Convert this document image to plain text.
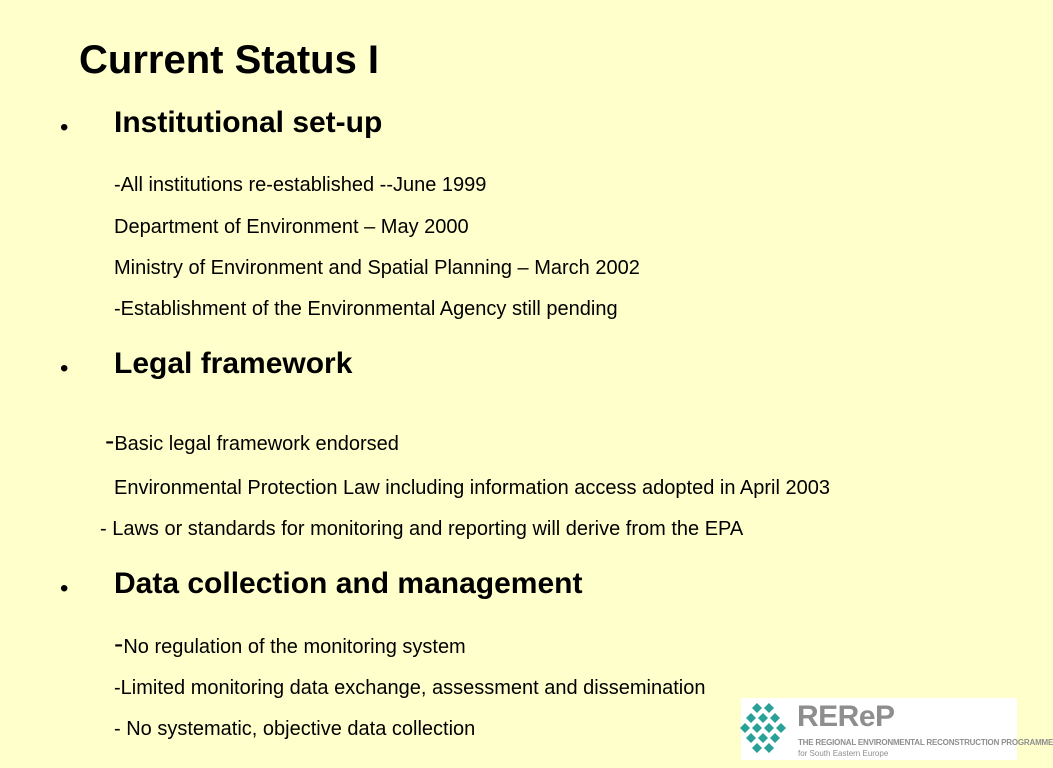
Current Status I
• Institutional set-up
-All institutions re-established --June 1999
Department of Environment – May 2000
Ministry of Environment and Spatial Planning – March 2002
-Establishment of the Environmental Agency still pending
• Legal framework
-Basic legal framework endorsed
Environmental Protection Law including information access adopted in April 2003
- Laws or standards for monitoring and reporting will derive from the EPA
• Data collection and management
-No regulation of the monitoring system
-Limited monitoring data exchange, assessment and dissemination
- No systematic, objective data collection	REReP
THE REGIONAL ENVIRONMENTAL RECONSTRUCTION PROGRAMME
for South Eastern Europe
